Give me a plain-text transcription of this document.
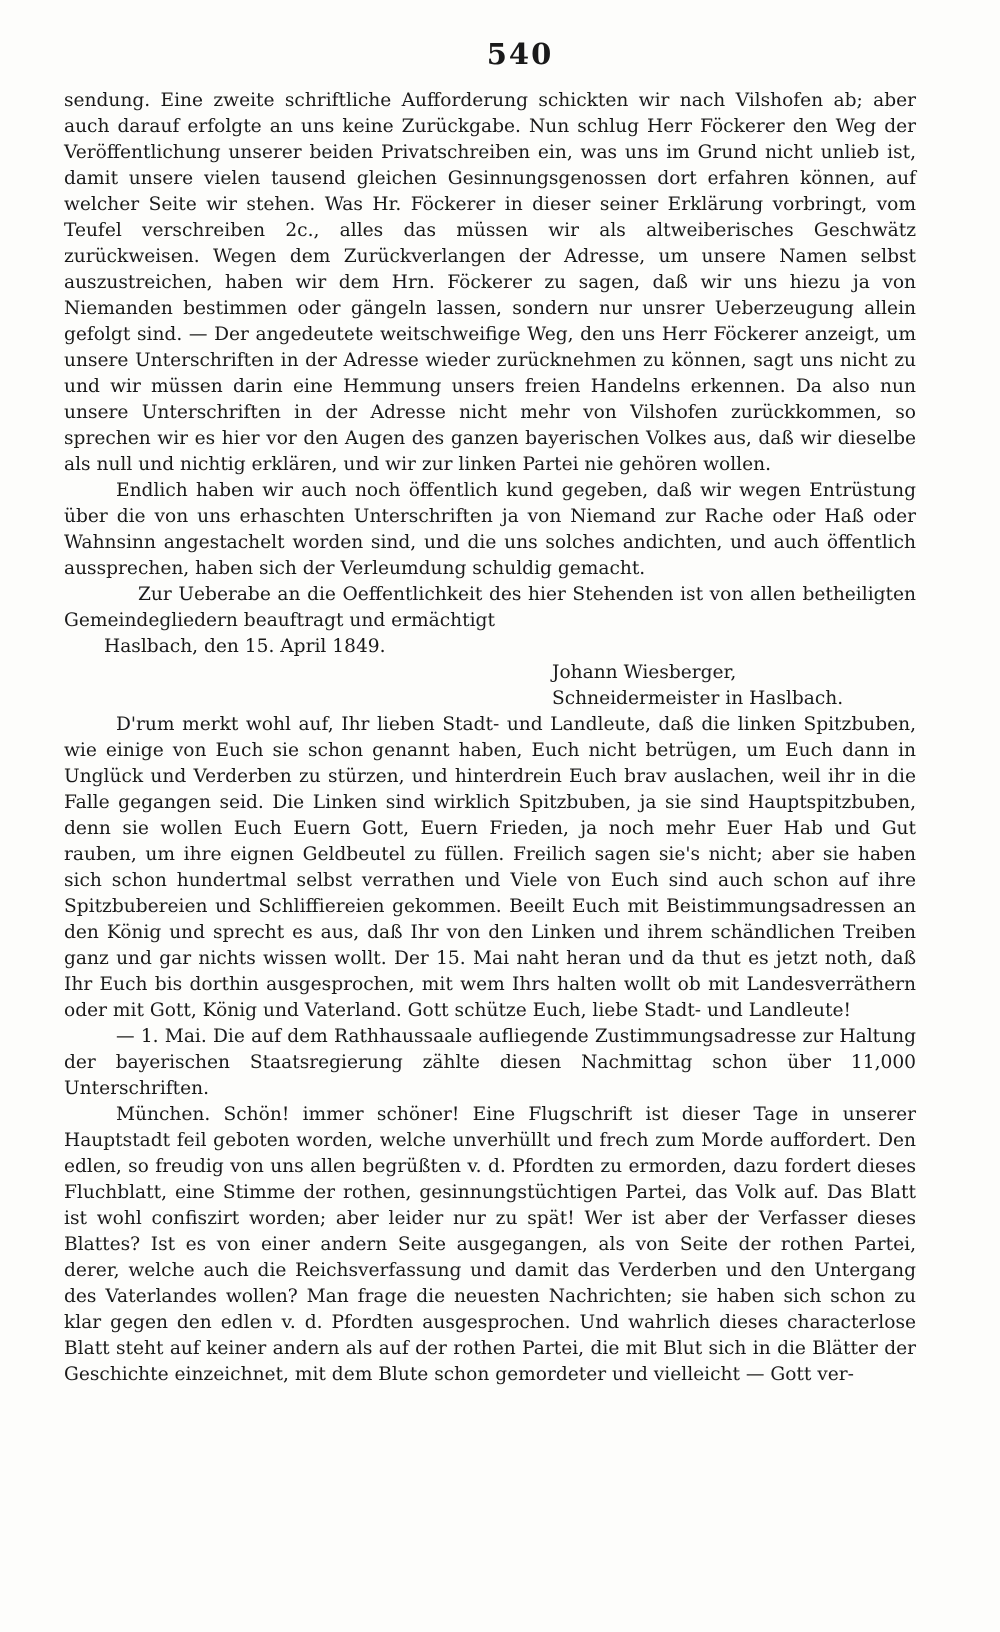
540

sendung. Eine zweite schriftliche Aufforderung schickten wir nach Vilshofen ab; aber auch darauf erfolgte an uns keine Zurückgabe. Nun schlug Herr Föckerer den Weg der Veröffentlichung unserer beiden Privatschreiben ein, was uns im Grund nicht unlieb ist, damit unsere vielen tausend gleichen Gesinnungsgenossen dort erfahren können, auf welcher Seite wir stehen. Was Hr. Föckerer in dieser seiner Erklärung vorbringt, vom Teufel verschreiben 2c., alles das müssen wir als altweiberisches Geschwätz zurückweisen. Wegen dem Zurückverlangen der Adresse, um unsere Namen selbst auszustreichen, haben wir dem Hrn. Föckerer zu sagen, daß wir uns hiezu ja von Niemanden bestimmen oder gängeln lassen, sondern nur unsrer Ueberzeugung allein gefolgt sind. — Der angedeutete weitschweifige Weg, den uns Herr Föckerer anzeigt, um unsere Unterschriften in der Adresse wieder zurücknehmen zu können, sagt uns nicht zu und wir müssen darin eine Hemmung unsers freien Handelns erkennen. Da also nun unsere Unterschriften in der Adresse nicht mehr von Vilshofen zurückkommen, so sprechen wir es hier vor den Augen des ganzen bayerischen Volkes aus, daß wir dieselbe als null und nichtig erklären, und wir zur linken Partei nie gehören wollen.

Endlich haben wir auch noch öffentlich kund gegeben, daß wir wegen Entrüstung über die von uns erhaschten Unterschriften ja von Niemand zur Rache oder Haß oder Wahnsinn angestachelt worden sind, und die uns solches andichten, und auch öffentlich aussprechen, haben sich der Verleumdung schuldig gemacht.

Zur Ueberabe an die Oeffentlichkeit des hier Stehenden ist von allen betheiligten Gemeindegliedern beauftragt und ermächtigt

Haslbach, den 15. April 1849.

Johann Wiesberger,
Schneidermeister in Haslbach.

D'rum merkt wohl auf, Ihr lieben Stadt- und Landleute, daß die linken Spitzbuben, wie einige von Euch sie schon genannt haben, Euch nicht betrügen, um Euch dann in Unglück und Verderben zu stürzen, und hinterdrein Euch brav auslachen, weil ihr in die Falle gegangen seid. Die Linken sind wirklich Spitzbuben, ja sie sind Hauptspitzbuben, denn sie wollen Euch Euern Gott, Euern Frieden, ja noch mehr Euer Hab und Gut rauben, um ihre eignen Geldbeutel zu füllen. Freilich sagen sie's nicht; aber sie haben sich schon hundertmal selbst verrathen und Viele von Euch sind auch schon auf ihre Spitzbubereien und Schliffiereien gekommen. Beeilt Euch mit Beistimmungsadressen an den König und sprecht es aus, daß Ihr von den Linken und ihrem schändlichen Treiben ganz und gar nichts wissen wollt. Der 15. Mai naht heran und da thut es jetzt noth, daß Ihr Euch bis dorthin ausgesprochen, mit wem Ihrs halten wollt ob mit Landesverräthern oder mit Gott, König und Vaterland. Gott schütze Euch, liebe Stadt- und Landleute!

— 1. Mai. Die auf dem Rathhaussaale aufliegende Zustimmungsadresse zur Haltung der bayerischen Staatsregierung zählte diesen Nachmittag schon über 11,000 Unterschriften.

München. Schön! immer schöner! Eine Flugschrift ist dieser Tage in unserer Hauptstadt feil geboten worden, welche unverhüllt und frech zum Morde auffordert. Den edlen, so freudig von uns allen begrüßten v. d. Pfordten zu ermorden, dazu fordert dieses Fluchblatt, eine Stimme der rothen, gesinnungstüchtigen Partei, das Volk auf. Das Blatt ist wohl confiszirt worden; aber leider nur zu spät! Wer ist aber der Verfasser dieses Blattes? Ist es von einer andern Seite ausgegangen, als von Seite der rothen Partei, derer, welche auch die Reichsverfassung und damit das Verderben und den Untergang des Vaterlandes wollen? Man frage die neuesten Nachrichten; sie haben sich schon zu klar gegen den edlen v. d. Pfordten ausgesprochen. Und wahrlich dieses characterlose Blatt steht auf keiner andern als auf der rothen Partei, die mit Blut sich in die Blätter der Geschichte einzeichnet, mit dem Blute schon gemordeter und vielleicht — Gott ver-
